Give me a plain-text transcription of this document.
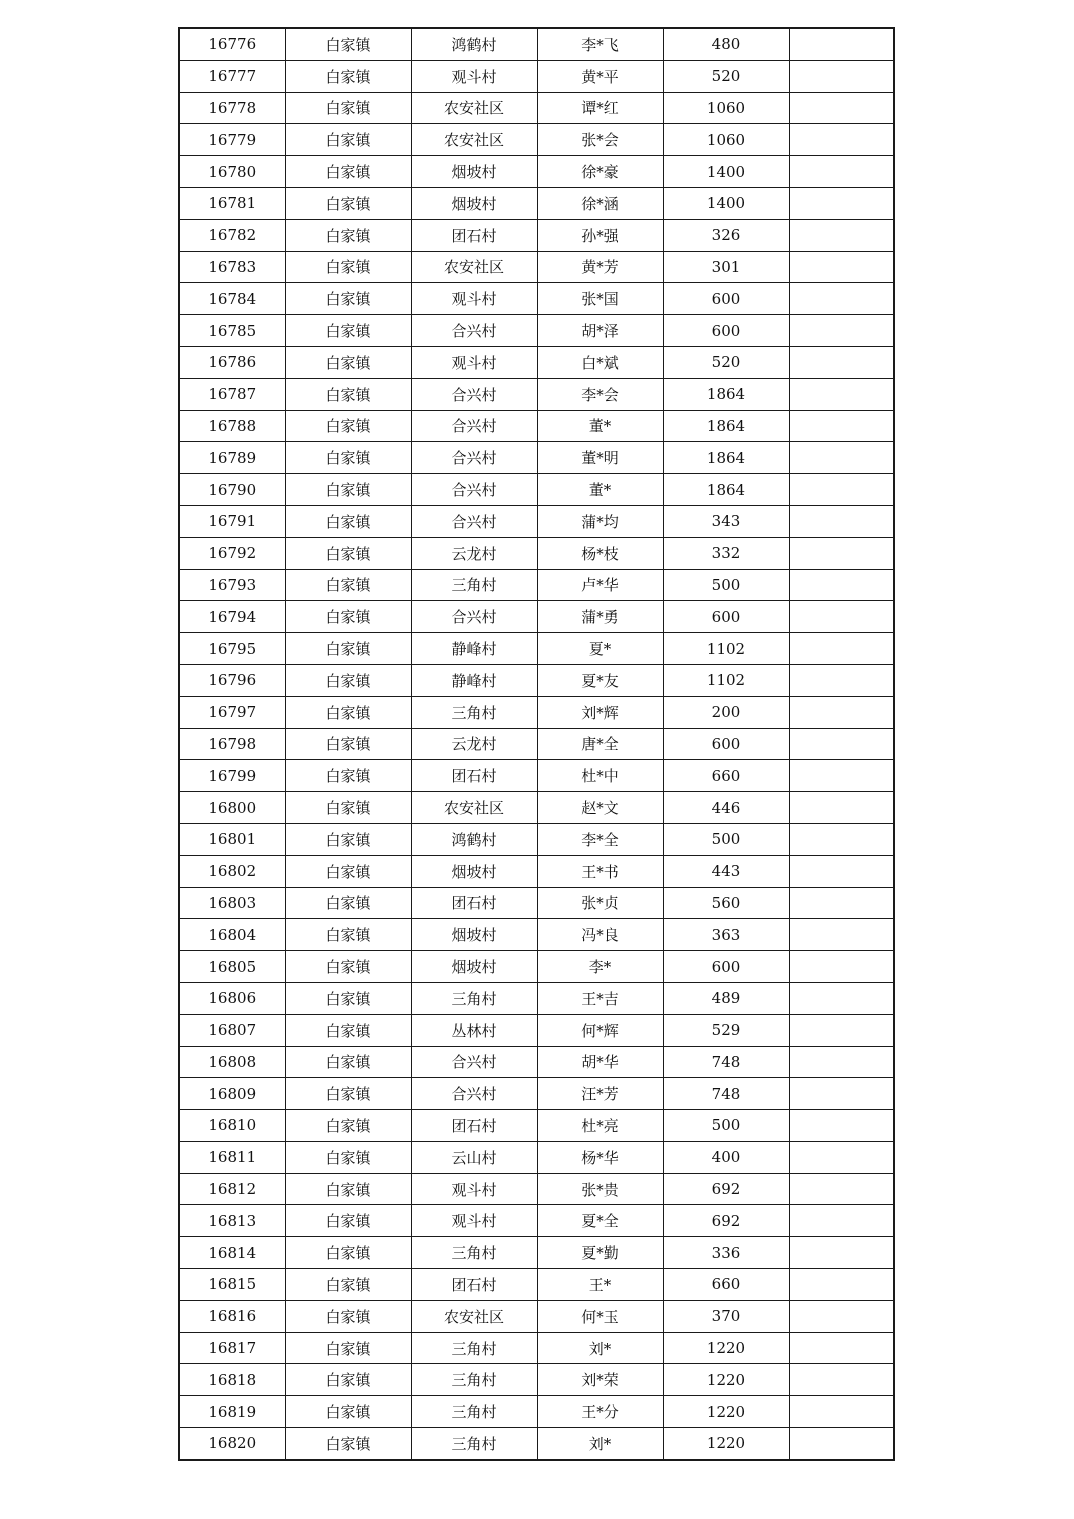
16776	白家镇	鸿鹤村	李*飞	480	
16777	白家镇	观斗村	黄*平	520	
16778	白家镇	农安社区	谭*红	1060	
16779	白家镇	农安社区	张*会	1060	
16780	白家镇	烟坡村	徐*豪	1400	
16781	白家镇	烟坡村	徐*涵	1400	
16782	白家镇	团石村	孙*强	326	
16783	白家镇	农安社区	黄*芳	301	
16784	白家镇	观斗村	张*国	600	
16785	白家镇	合兴村	胡*泽	600	
16786	白家镇	观斗村	白*斌	520	
16787	白家镇	合兴村	李*会	1864	
16788	白家镇	合兴村	董*	1864	
16789	白家镇	合兴村	董*明	1864	
16790	白家镇	合兴村	董*	1864	
16791	白家镇	合兴村	蒲*均	343	
16792	白家镇	云龙村	杨*枝	332	
16793	白家镇	三角村	卢*华	500	
16794	白家镇	合兴村	蒲*勇	600	
16795	白家镇	静峰村	夏*	1102	
16796	白家镇	静峰村	夏*友	1102	
16797	白家镇	三角村	刘*辉	200	
16798	白家镇	云龙村	唐*全	600	
16799	白家镇	团石村	杜*中	660	
16800	白家镇	农安社区	赵*文	446	
16801	白家镇	鸿鹤村	李*全	500	
16802	白家镇	烟坡村	王*书	443	
16803	白家镇	团石村	张*贞	560	
16804	白家镇	烟坡村	冯*良	363	
16805	白家镇	烟坡村	李*	600	
16806	白家镇	三角村	王*吉	489	
16807	白家镇	丛林村	何*辉	529	
16808	白家镇	合兴村	胡*华	748	
16809	白家镇	合兴村	汪*芳	748	
16810	白家镇	团石村	杜*亮	500	
16811	白家镇	云山村	杨*华	400	
16812	白家镇	观斗村	张*贵	692	
16813	白家镇	观斗村	夏*全	692	
16814	白家镇	三角村	夏*勤	336	
16815	白家镇	团石村	王*	660	
16816	白家镇	农安社区	何*玉	370	
16817	白家镇	三角村	刘*	1220	
16818	白家镇	三角村	刘*荣	1220	
16819	白家镇	三角村	王*分	1220	
16820	白家镇	三角村	刘*	1220	
